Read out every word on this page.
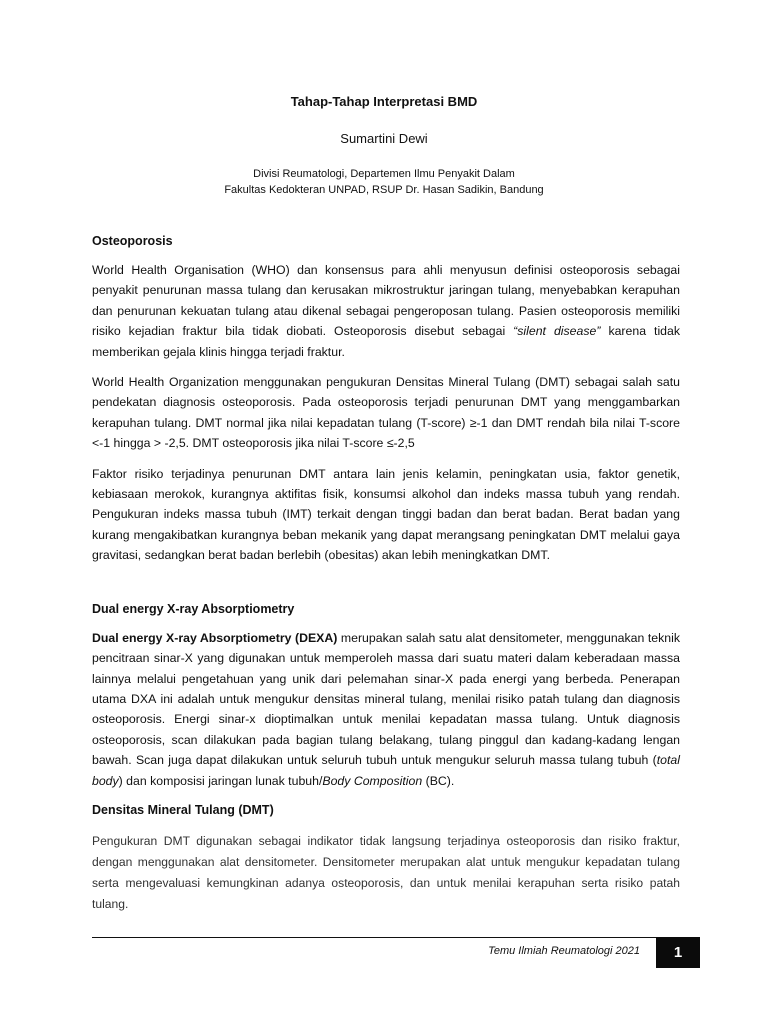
Tahap-Tahap Interpretasi BMD
Sumartini Dewi
Divisi Reumatologi, Departemen Ilmu Penyakit Dalam
Fakultas Kedokteran UNPAD, RSUP Dr. Hasan Sadikin, Bandung
Osteoporosis

World Health Organisation (WHO) dan konsensus para ahli menyusun definisi osteoporosis sebagai penyakit penurunan massa tulang dan kerusakan mikrostruktur jaringan tulang, menyebabkan kerapuhan dan penurunan kekuatan tulang atau dikenal sebagai pengeroposan tulang. Pasien osteoporosis memiliki risiko kejadian fraktur bila tidak diobati. Osteoporosis disebut sebagai “silent disease” karena tidak memberikan gejala klinis hingga terjadi fraktur.

World Health Organization menggunakan pengukuran Densitas Mineral Tulang (DMT) sebagai salah satu pendekatan diagnosis osteoporosis. Pada osteoporosis terjadi penurunan DMT yang menggambarkan kerapuhan tulang. DMT normal jika nilai kepadatan tulang (T-score) ≥-1 dan DMT rendah bila nilai T-score <-1 hingga > -2,5. DMT osteoporosis jika nilai T-score ≤-2,5

Faktor risiko terjadinya penurunan DMT antara lain jenis kelamin, peningkatan usia, faktor genetik, kebiasaan merokok, kurangnya aktifitas fisik, konsumsi alkohol dan indeks massa tubuh yang rendah. Pengukuran indeks massa tubuh (IMT) terkait dengan tinggi badan dan berat badan. Berat badan yang kurang mengakibatkan kurangnya beban mekanik yang dapat merangsang peningkatan DMT melalui gaya gravitasi, sedangkan berat badan berlebih (obesitas) akan lebih meningkatkan DMT.

Dual energy X-ray Absorptiometry

Dual energy X-ray Absorptiometry (DEXA) merupakan salah satu alat densitometer, menggunakan teknik pencitraan sinar-X yang digunakan untuk memperoleh massa dari suatu materi dalam keberadaan massa lainnya melalui pengetahuan yang unik dari pelemahan sinar-X pada energi yang berbeda. Penerapan utama DXA ini adalah untuk mengukur densitas mineral tulang, menilai risiko patah tulang dan diagnosis osteoporosis. Energi sinar-x dioptimalkan untuk menilai kepadatan massa tulang. Untuk diagnosis osteoporosis, scan dilakukan pada bagian tulang belakang, tulang pinggul dan kadang-kadang lengan bawah. Scan juga dapat dilakukan untuk seluruh tubuh untuk mengukur seluruh massa tulang tubuh (total body) dan komposisi jaringan lunak tubuh/Body Composition (BC).

Densitas Mineral Tulang (DMT)

Pengukuran DMT digunakan sebagai indikator tidak langsung terjadinya osteoporosis dan risiko fraktur, dengan menggunakan alat densitometer. Densitometer merupakan alat untuk mengukur kepadatan tulang serta mengevaluasi kemungkinan adanya osteoporosis, dan untuk menilai kerapuhan serta risiko patah tulang.

Temu Ilmiah Reumatologi 2021	1
